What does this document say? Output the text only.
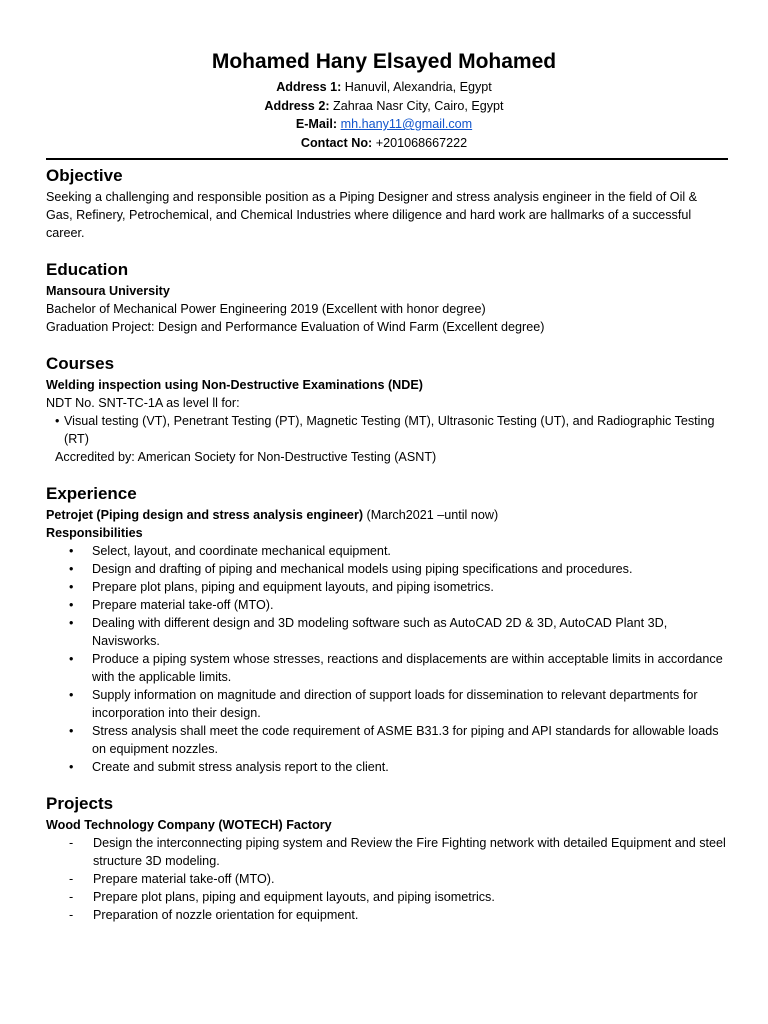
Mohamed Hany Elsayed Mohamed
Address 1: Hanuvil, Alexandria, Egypt
Address 2: Zahraa Nasr City, Cairo, Egypt
E-Mail: mh.hany11@gmail.com
Contact No: +201068667222
Objective
Seeking a challenging and responsible position as a Piping Designer and stress analysis engineer in the field of Oil & Gas, Refinery, Petrochemical, and Chemical Industries where diligence and hard work are hallmarks of a successful career.
Education
Mansoura University
Bachelor of Mechanical Power Engineering 2019 (Excellent with honor degree)
Graduation Project: Design and Performance Evaluation of Wind Farm (Excellent degree)
Courses
Welding inspection using Non-Destructive Examinations (NDE)
NDT No. SNT-TC-1A as level ll for:
• Visual testing (VT), Penetrant Testing (PT), Magnetic Testing (MT), Ultrasonic Testing (UT), and Radiographic Testing (RT)
Accredited by: American Society for Non-Destructive Testing (ASNT)
Experience
Petrojet (Piping design and stress analysis engineer) (March2021 –until now)
Responsibilities
• Select, layout, and coordinate mechanical equipment.
• Design and drafting of piping and mechanical models using piping specifications and procedures.
• Prepare plot plans, piping and equipment layouts, and piping isometrics.
• Prepare material take-off (MTO).
• Dealing with different design and 3D modeling software such as AutoCAD 2D & 3D, AutoCAD Plant 3D, Navisworks.
• Produce a piping system whose stresses, reactions and displacements are within acceptable limits in accordance with the applicable limits.
• Supply information on magnitude and direction of support loads for dissemination to relevant departments for incorporation into their design.
• Stress analysis shall meet the code requirement of ASME B31.3 for piping and API standards for allowable loads on equipment nozzles.
• Create and submit stress analysis report to the client.
Projects
Wood Technology Company (WOTECH) Factory
- Design the interconnecting piping system and Review the Fire Fighting network with detailed Equipment and steel structure 3D modeling.
- Prepare material take-off (MTO).
- Prepare plot plans, piping and equipment layouts, and piping isometrics.
- Preparation of nozzle orientation for equipment.
